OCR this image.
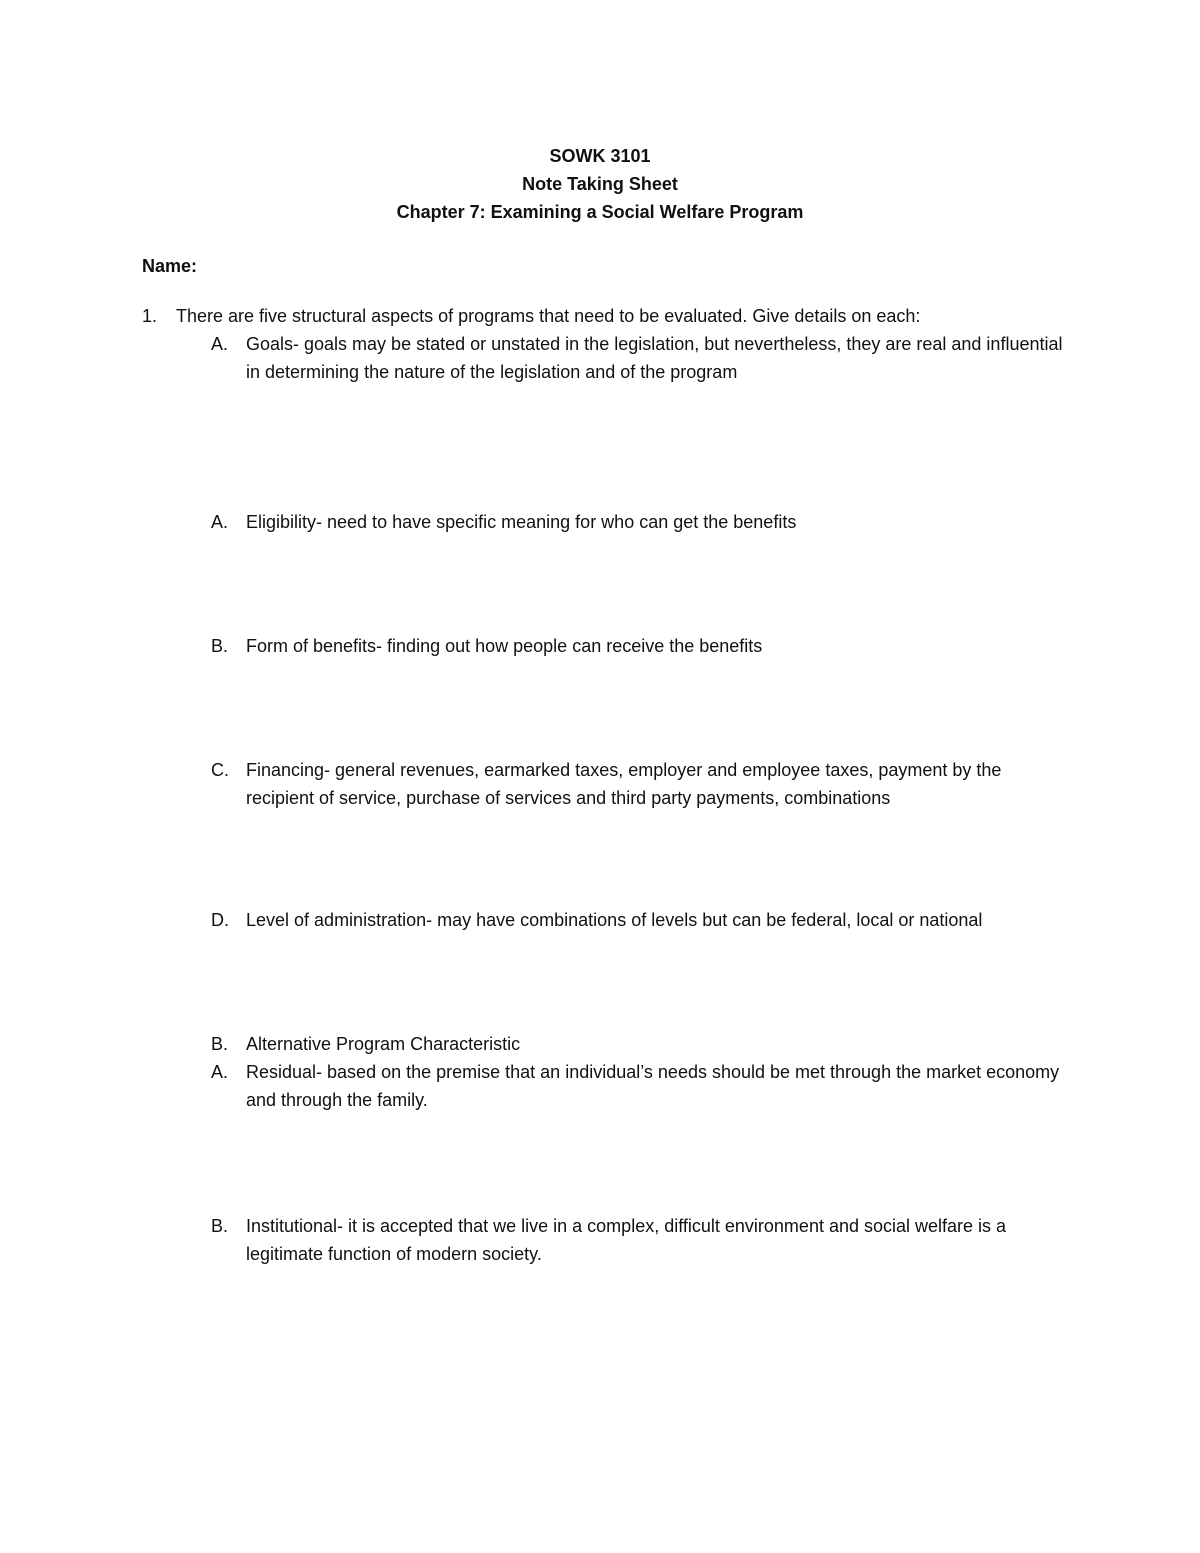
SOWK 3101
Note Taking Sheet
Chapter 7: Examining a Social Welfare Program
Name:
1. There are five structural aspects of programs that need to be evaluated. Give details on each:
A. Goals- goals may be stated or unstated in the legislation, but nevertheless, they are real and influential in determining the nature of the legislation and of the program
A. Eligibility- need to have specific meaning for who can get the benefits
B. Form of benefits- finding out how people can receive the benefits
C. Financing- general revenues, earmarked taxes, employer and employee taxes, payment by the recipient of service, purchase of services and third party payments, combinations
D. Level of administration- may have combinations of levels but can be federal, local or national
B. Alternative Program Characteristic
A. Residual- based on the premise that an individual’s needs should be met through the market economy and through the family.
B. Institutional- it is accepted that we live in a complex, difficult environment and social welfare is a legitimate function of modern society.
